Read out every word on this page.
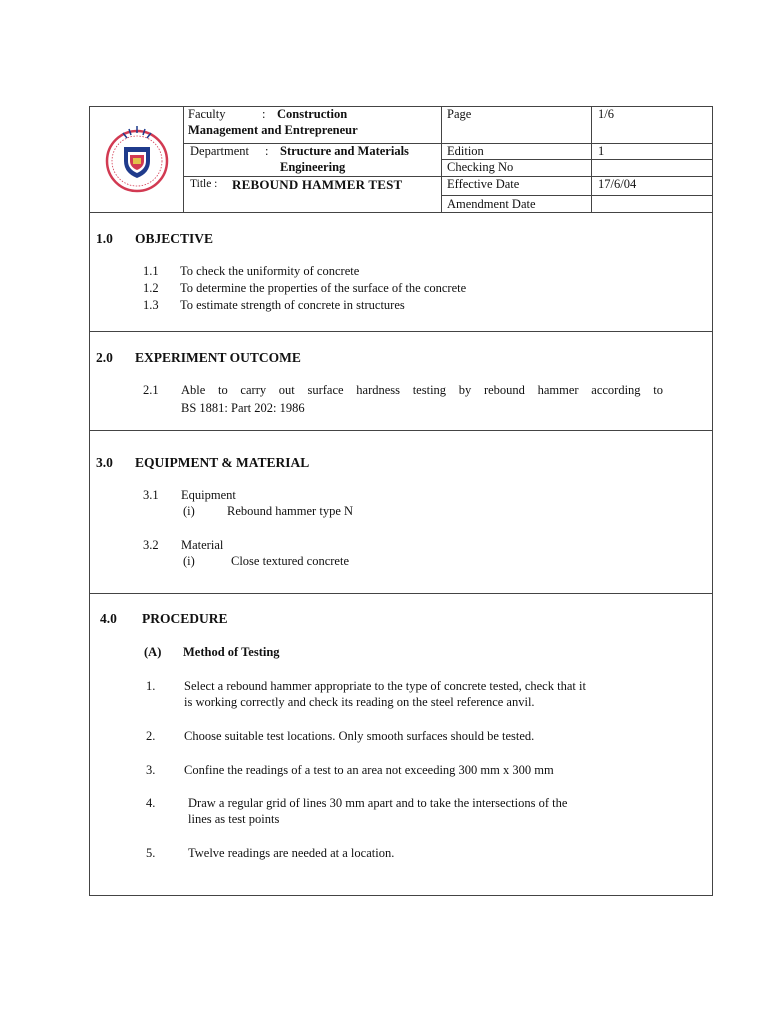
Faculty	: Construction
Management and Entrepreneur
Department : Structure and Materials
Engineering
Title : REBOUND HAMMER TEST
Page	1/6
Edition	1
Checking No
Effective Date	17/6/04
Amendment Date
1.0 OBJECTIVE
1.1 To check the uniformity of concrete
1.2 To determine the properties of the surface of the concrete
1.3 To estimate strength of concrete in structures
2.0 EXPERIMENT OUTCOME
2.1 Able to carry out surface hardness testing by rebound hammer according to
BS 1881: Part 202: 1986
3.0 EQUIPMENT & MATERIAL
3.1 Equipment
(i)	Rebound hammer type N
3.2 Material
(i)	Close textured concrete
4.0 PROCEDURE
(A) Method of Testing
1. Select a rebound hammer appropriate to the type of concrete tested, check that it
is working correctly and check its reading on the steel reference anvil.
2. Choose suitable test locations. Only smooth surfaces should be tested.
3. Confine the readings of a test to an area not exceeding 300 mm x 300 mm
4.	Draw a regular grid of lines 30 mm apart and to take the intersections of the
lines as test points
5.	Twelve readings are needed at a location.
